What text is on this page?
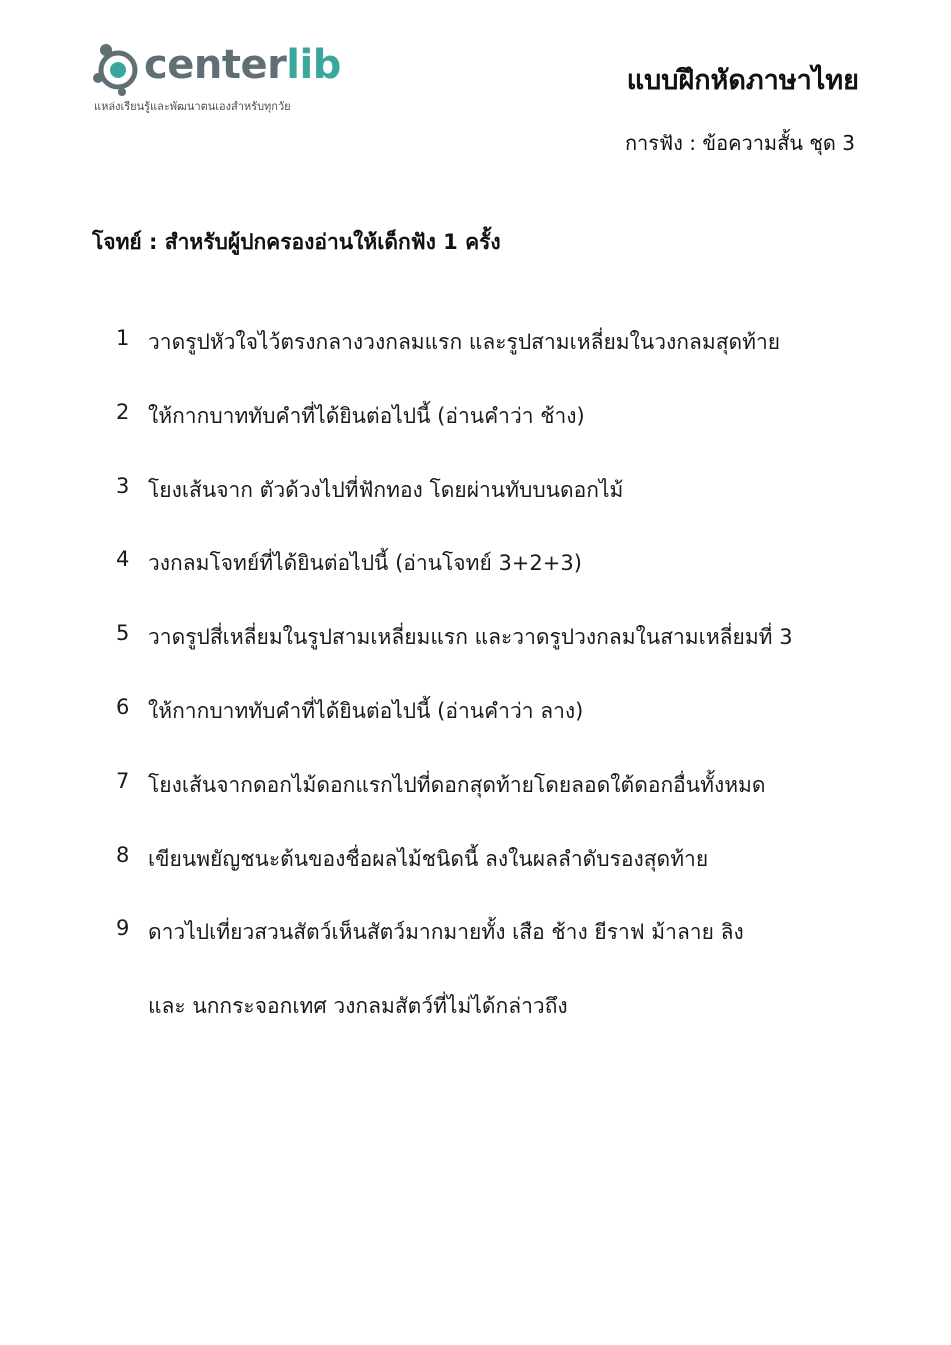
centerlib
แหล่งเรียนรู้และพัฒนาตนเองสำหรับทุกวัย
แบบฝึกหัดภาษาไทย
การฟัง : ข้อความสั้น ชุด 3
โจทย์ : สำหรับผู้ปกครองอ่านให้เด็กฟัง 1 ครั้ง
1 วาดรูปหัวใจไว้ตรงกลางวงกลมแรก และรูปสามเหลี่ยมในวงกลมสุดท้าย
2 ให้กากบาททับคำที่ได้ยินต่อไปนี้ (อ่านคำว่า ช้าง)
3 โยงเส้นจาก ตัวด้วงไปที่ฟักทอง โดยผ่านทับบนดอกไม้
4 วงกลมโจทย์ที่ได้ยินต่อไปนี้ (อ่านโจทย์ 3+2+3)
5 วาดรูปสี่เหลี่ยมในรูปสามเหลี่ยมแรก และวาดรูปวงกลมในสามเหลี่ยมที่ 3
6 ให้กากบาททับคำที่ได้ยินต่อไปนี้ (อ่านคำว่า ลาง)
7 โยงเส้นจากดอกไม้ดอกแรกไปที่ดอกสุดท้ายโดยลอดใต้ดอกอื่นทั้งหมด
8 เขียนพยัญชนะต้นของชื่อผลไม้ชนิดนี้ ลงในผลลำดับรองสุดท้าย
9 ดาวไปเที่ยวสวนสัตว์เห็นสัตว์มากมายทั้ง เสือ ช้าง ยีราฟ ม้าลาย ลิง
และ นกกระจอกเทศ วงกลมสัตว์ที่ไม่ได้กล่าวถึง
